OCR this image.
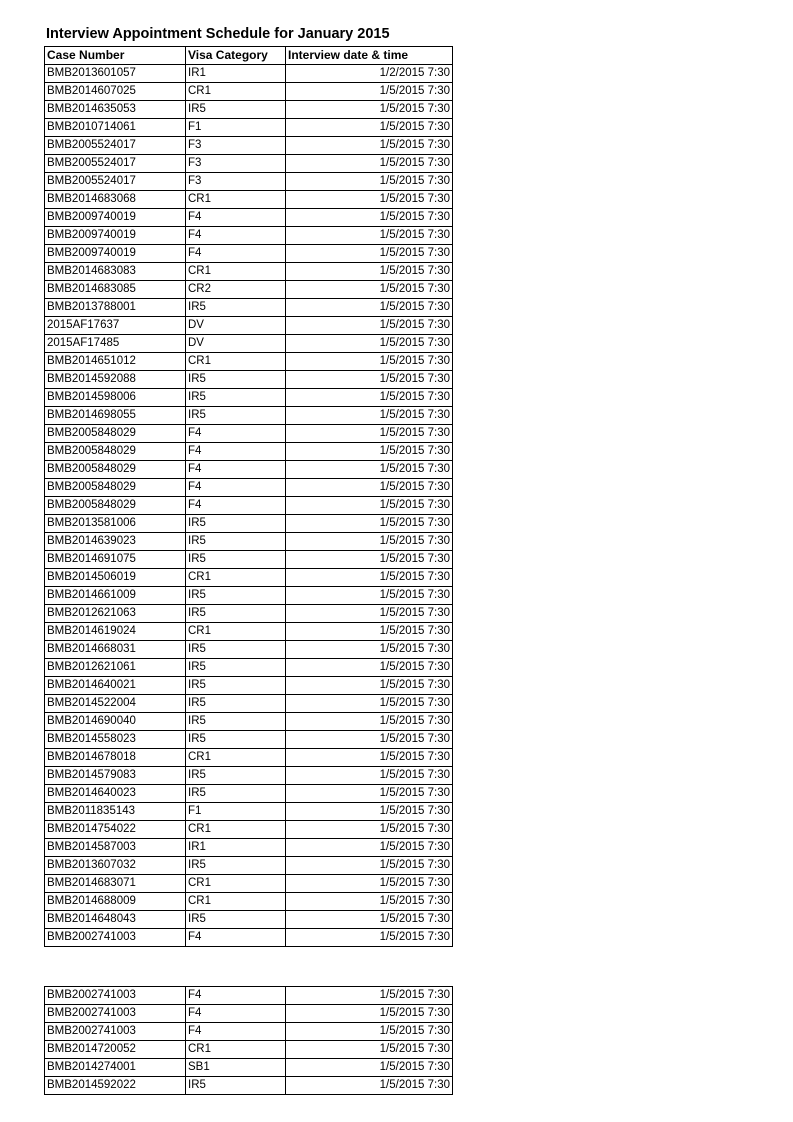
Interview Appointment Schedule for January 2015
Case Number	Visa Category	Interview date & time
BMB2013601057	IR1	1/2/2015 7:30
BMB2014607025	CR1	1/5/2015 7:30
BMB2014635053	IR5	1/5/2015 7:30
BMB2010714061	F1	1/5/2015 7:30
BMB2005524017	F3	1/5/2015 7:30
BMB2005524017	F3	1/5/2015 7:30
BMB2005524017	F3	1/5/2015 7:30
BMB2014683068	CR1	1/5/2015 7:30
BMB2009740019	F4	1/5/2015 7:30
BMB2009740019	F4	1/5/2015 7:30
BMB2009740019	F4	1/5/2015 7:30
BMB2014683083	CR1	1/5/2015 7:30
BMB2014683085	CR2	1/5/2015 7:30
BMB2013788001	IR5	1/5/2015 7:30
2015AF17637	DV	1/5/2015 7:30
2015AF17485	DV	1/5/2015 7:30
BMB2014651012	CR1	1/5/2015 7:30
BMB2014592088	IR5	1/5/2015 7:30
BMB2014598006	IR5	1/5/2015 7:30
BMB2014698055	IR5	1/5/2015 7:30
BMB2005848029	F4	1/5/2015 7:30
BMB2005848029	F4	1/5/2015 7:30
BMB2005848029	F4	1/5/2015 7:30
BMB2005848029	F4	1/5/2015 7:30
BMB2005848029	F4	1/5/2015 7:30
BMB2013581006	IR5	1/5/2015 7:30
BMB2014639023	IR5	1/5/2015 7:30
BMB2014691075	IR5	1/5/2015 7:30
BMB2014506019	CR1	1/5/2015 7:30
BMB2014661009	IR5	1/5/2015 7:30
BMB2012621063	IR5	1/5/2015 7:30
BMB2014619024	CR1	1/5/2015 7:30
BMB2014668031	IR5	1/5/2015 7:30
BMB2012621061	IR5	1/5/2015 7:30
BMB2014640021	IR5	1/5/2015 7:30
BMB2014522004	IR5	1/5/2015 7:30
BMB2014690040	IR5	1/5/2015 7:30
BMB2014558023	IR5	1/5/2015 7:30
BMB2014678018	CR1	1/5/2015 7:30
BMB2014579083	IR5	1/5/2015 7:30
BMB2014640023	IR5	1/5/2015 7:30
BMB2011835143	F1	1/5/2015 7:30
BMB2014754022	CR1	1/5/2015 7:30
BMB2014587003	IR1	1/5/2015 7:30
BMB2013607032	IR5	1/5/2015 7:30
BMB2014683071	CR1	1/5/2015 7:30
BMB2014688009	CR1	1/5/2015 7:30
BMB2014648043	IR5	1/5/2015 7:30
BMB2002741003	F4	1/5/2015 7:30
BMB2002741003	F4	1/5/2015 7:30
BMB2002741003	F4	1/5/2015 7:30
BMB2002741003	F4	1/5/2015 7:30
BMB2014720052	CR1	1/5/2015 7:30
BMB2014274001	SB1	1/5/2015 7:30
BMB2014592022	IR5	1/5/2015 7:30
